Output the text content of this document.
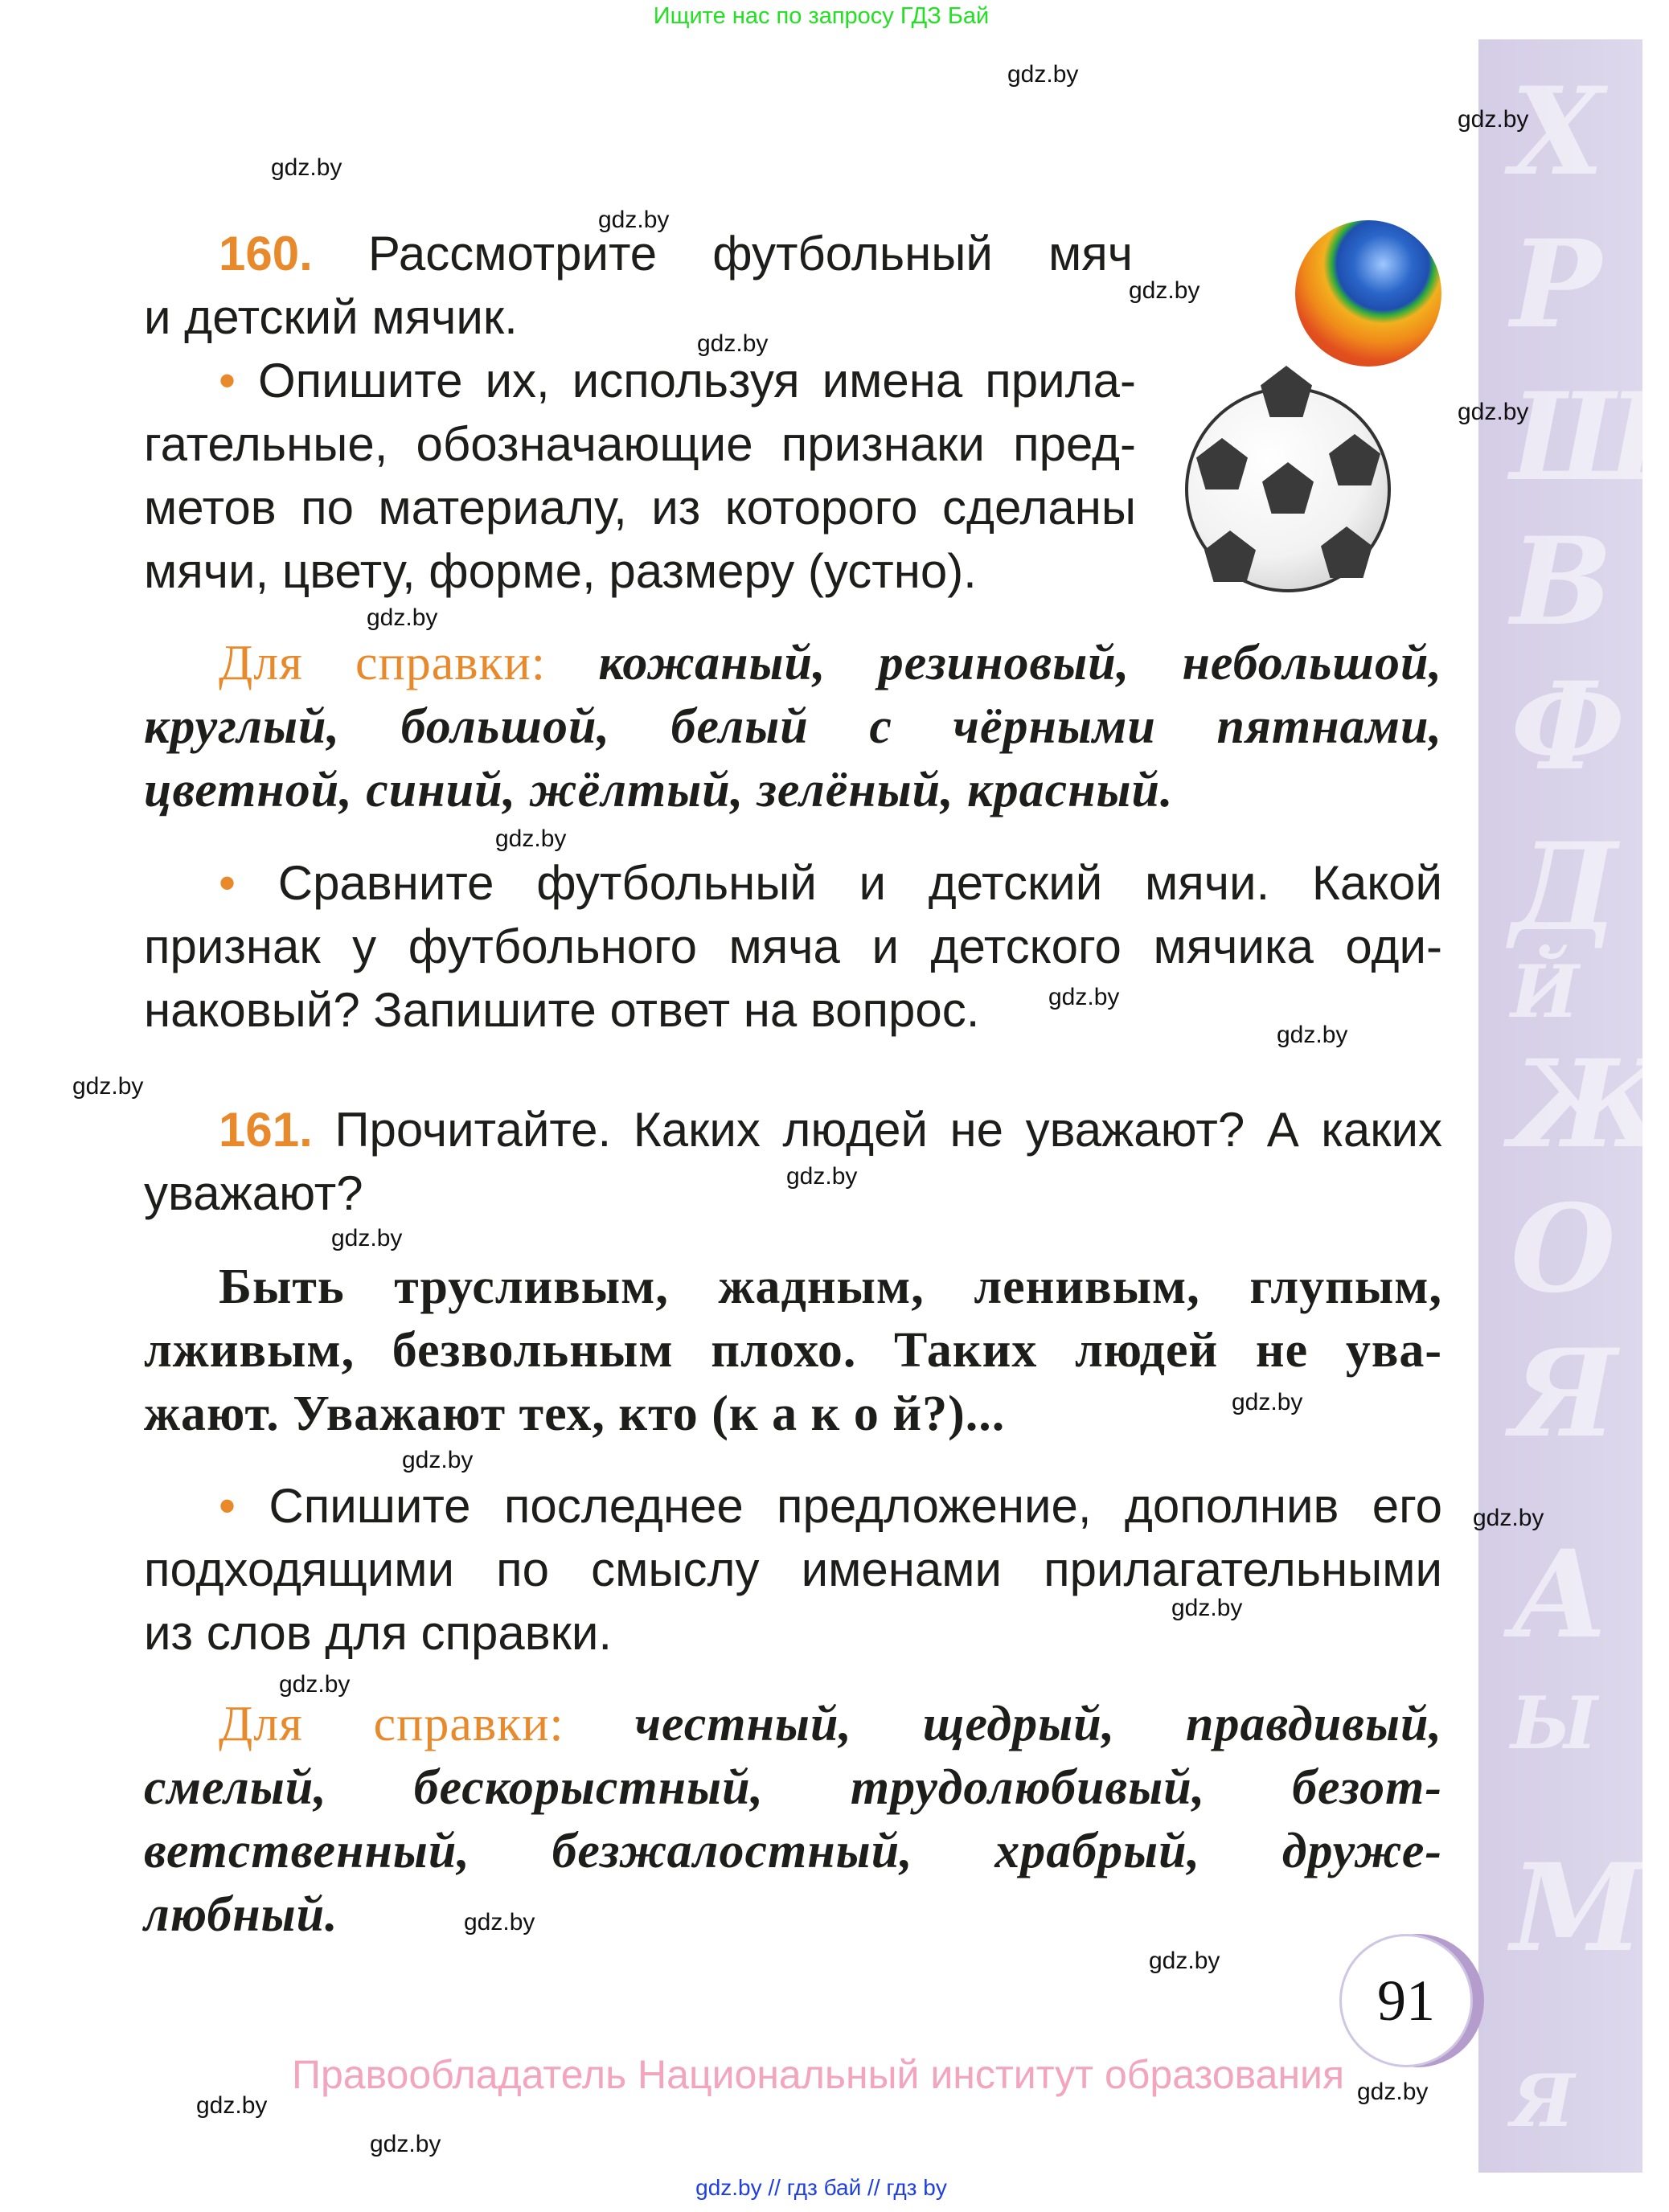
Ищите нас по запросу ГДЗ Бай
Х
Р
Ш
В
Ф
Д
Й
Ж
О
Я
А
Ы
М
Я
160. Рассмотрите футбольный мяч
и детский мячик.
• Опишите их, используя имена прила-
гательные, обозначающие признаки пред-
метов по материалу, из которого сделаны
мячи, цвету, форме, размеру (устно).
Для справки: кожаный, резиновый, небольшой,
круглый, большой, белый с чёрными пятнами,
цветной, синий, жёлтый, зелёный, красный.
• Сравните футбольный и детский мячи. Какой
признак у футбольного мяча и детского мячика оди-
наковый? Запишите ответ на вопрос.
161. Прочитайте. Каких людей не уважают? А каких
уважают?
Быть трусливым, жадным, ленивым, глупым,
лживым, безвольным плохо. Таких людей не ува-
жают. Уважают тех, кто (к а к о й?)...
• Спишите последнее предложение, дополнив его
подходящими по смыслу именами прилагательными
из слов для справки.
Для справки: честный, щедрый, правдивый,
смелый, бескорыстный, трудолюбивый, безот-
ветственный, безжалостный, храбрый, друже-
любный.
gdz.by
gdz.by
gdz.by
gdz.by
gdz.by
gdz.by
gdz.by
gdz.by
gdz.by
gdz.by
gdz.by
gdz.by
gdz.by
gdz.by
gdz.by
gdz.by
gdz.by
gdz.by
gdz.by
gdz.by
gdz.by
gdz.by
gdz.by
gdz.by
91
Правообладатель Национальный институт образования
gdz.by // гдз бай // гдз by
